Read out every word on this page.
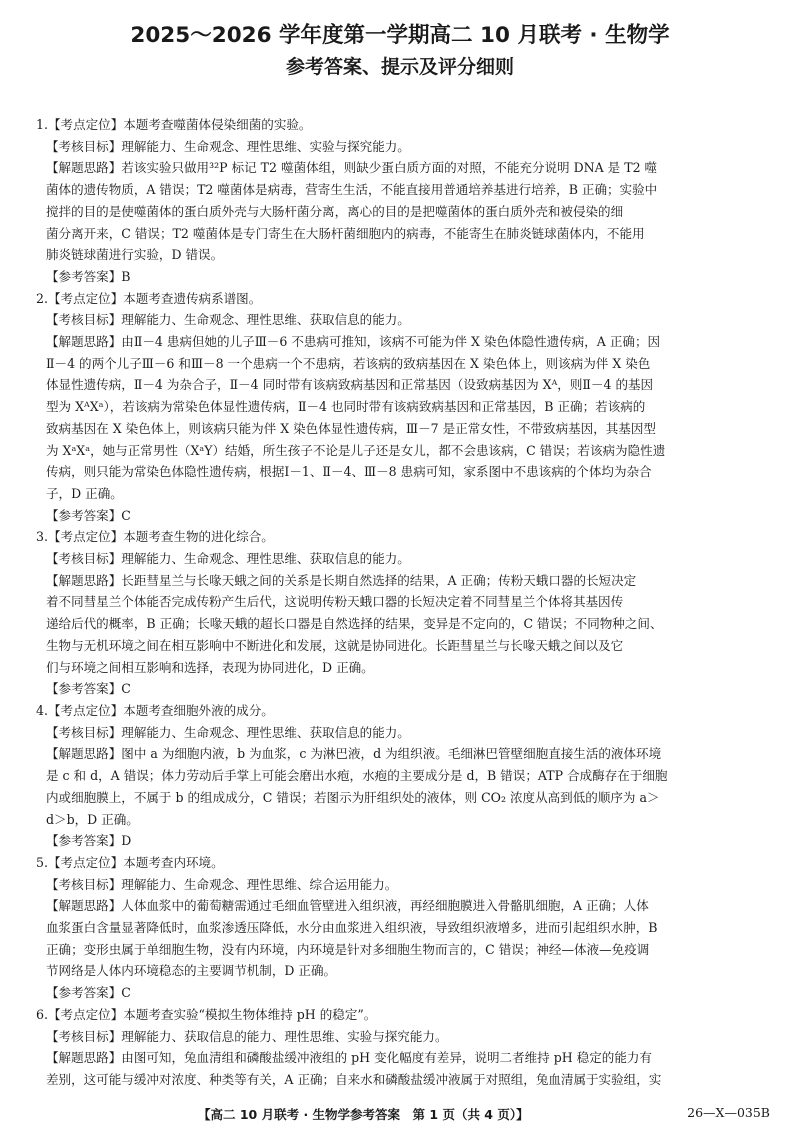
2025～2026 学年度第一学期高二 10 月联考 · 生物学
参考答案、提示及评分细则
1.【考点定位】本题考查噬菌体侵染细菌的实验。
【考核目标】理解能力、生命观念、理性思维、实验与探究能力。
【解题思路】若该实验只做用³²P 标记 T2 噬菌体组，则缺少蛋白质方面的对照，不能充分说明 DNA 是 T2 噬
菌体的遗传物质，A 错误；T2 噬菌体是病毒，营寄生生活，不能直接用普通培养基进行培养，B 正确；实验中
搅拌的目的是使噬菌体的蛋白质外壳与大肠杆菌分离，离心的目的是把噬菌体的蛋白质外壳和被侵染的细
菌分离开来，C 错误；T2 噬菌体是专门寄生在大肠杆菌细胞内的病毒，不能寄生在肺炎链球菌体内，不能用
肺炎链球菌进行实验，D 错误。
【参考答案】B
2.【考点定位】本题考查遗传病系谱图。
【考核目标】理解能力、生命观念、理性思维、获取信息的能力。
【解题思路】由Ⅱ－4 患病但她的儿子Ⅲ－6 不患病可推知，该病不可能为伴 X 染色体隐性遗传病，A 正确；因
Ⅱ－4 的两个儿子Ⅲ－6 和Ⅲ－8 一个患病一个不患病，若该病的致病基因在 X 染色体上，则该病为伴 X 染色
体显性遗传病，Ⅱ－4 为杂合子，Ⅱ－4 同时带有该病致病基因和正常基因（设致病基因为 Xᴬ，则Ⅱ－4 的基因
型为 XᴬXᵃ），若该病为常染色体显性遗传病，Ⅱ－4 也同时带有该病致病基因和正常基因，B 正确；若该病的
致病基因在 X 染色体上，则该病只能为伴 X 染色体显性遗传病，Ⅲ－7 是正常女性，不带致病基因，其基因型
为 XᵃXᵃ，她与正常男性（XᵃY）结婚，所生孩子不论是儿子还是女儿，都不会患该病，C 错误；若该病为隐性遗
传病，则只能为常染色体隐性遗传病，根据Ⅰ－1、Ⅱ－4、Ⅲ－8 患病可知，家系图中不患该病的个体均为杂合
子，D 正确。
【参考答案】C
3.【考点定位】本题考查生物的进化综合。
【考核目标】理解能力、生命观念、理性思维、获取信息的能力。
【解题思路】长距彗星兰与长喙天蛾之间的关系是长期自然选择的结果，A 正确；传粉天蛾口器的长短决定
着不同彗星兰个体能否完成传粉产生后代，这说明传粉天蛾口器的长短决定着不同彗星兰个体将其基因传
递给后代的概率，B 正确；长喙天蛾的超长口器是自然选择的结果，变异是不定向的，C 错误；不同物种之间、
生物与无机环境之间在相互影响中不断进化和发展，这就是协同进化。长距彗星兰与长喙天蛾之间以及它
们与环境之间相互影响和选择，表现为协同进化，D 正确。
【参考答案】C
4.【考点定位】本题考查细胞外液的成分。
【考核目标】理解能力、生命观念、理性思维、获取信息的能力。
【解题思路】图中 a 为细胞内液，b 为血浆，c 为淋巴液，d 为组织液。毛细淋巴管壁细胞直接生活的液体环境
是 c 和 d，A 错误；体力劳动后手掌上可能会磨出水疱，水疱的主要成分是 d，B 错误；ATP 合成酶存在于细胞
内或细胞膜上，不属于 b 的组成成分，C 错误；若图示为肝组织处的液体，则 CO₂ 浓度从高到低的顺序为 a＞
d＞b，D 正确。
【参考答案】D
5.【考点定位】本题考查内环境。
【考核目标】理解能力、生命观念、理性思维、综合运用能力。
【解题思路】人体血浆中的葡萄糖需通过毛细血管壁进入组织液，再经细胞膜进入骨骼肌细胞，A 正确；人体
血浆蛋白含量显著降低时，血浆渗透压降低，水分由血浆进入组织液，导致组织液增多，进而引起组织水肿，B
正确；变形虫属于单细胞生物，没有内环境，内环境是针对多细胞生物而言的，C 错误；神经—体液—免疫调
节网络是人体内环境稳态的主要调节机制，D 正确。
【参考答案】C
6.【考点定位】本题考查实验“模拟生物体维持 pH 的稳定”。
【考核目标】理解能力、获取信息的能力、理性思维、实验与探究能力。
【解题思路】由图可知，兔血清组和磷酸盐缓冲液组的 pH 变化幅度有差异，说明二者维持 pH 稳定的能力有
差别，这可能与缓冲对浓度、种类等有关，A 正确；自来水和磷酸盐缓冲液属于对照组，兔血清属于实验组，实
【高二 10 月联考 · 生物学参考答案　第 1 页（共 4 页）】	26—X—035B
